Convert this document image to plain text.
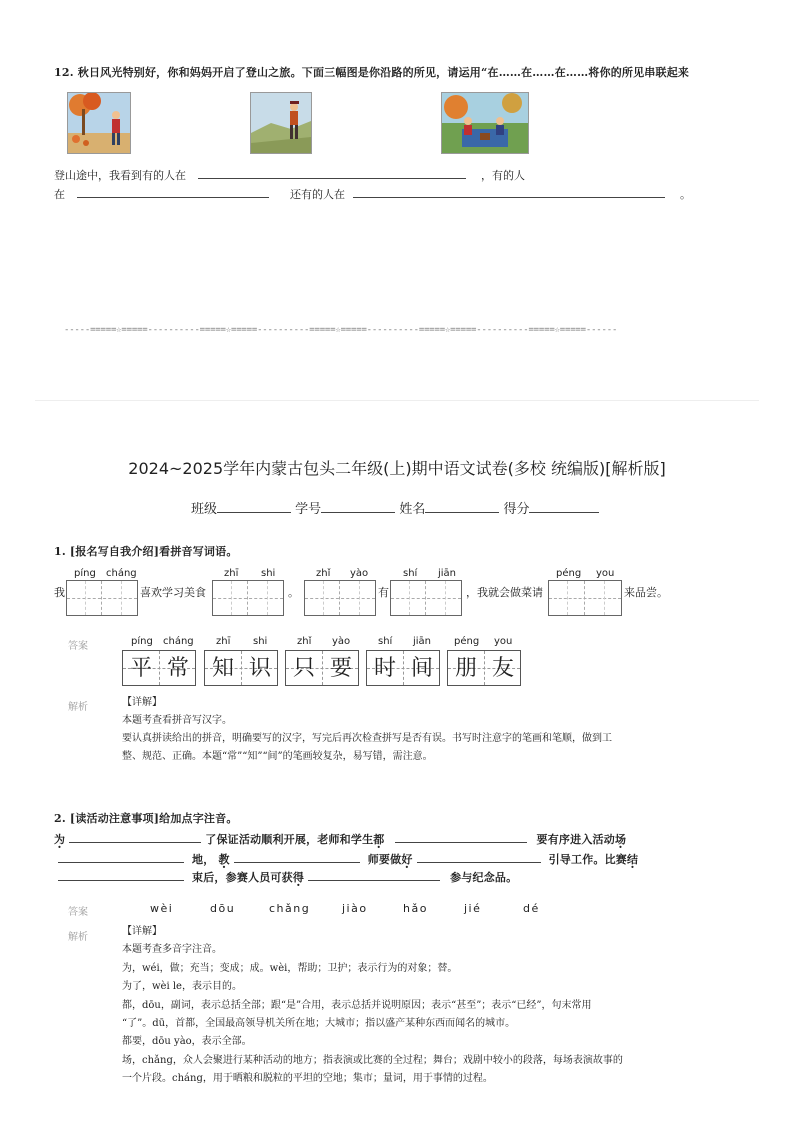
12. 秋日风光特别好，你和妈妈开启了登山之旅。下面三幅图是你沿路的所见，请运用“在……在……在……将你的所见串联起来
登山途中，我看到有的人在	，有的人
在	还有的人在	。
-----=====☆=====----------=====☆=====----------=====☆=====----------=====☆=====----------=====☆=====------
2024~2025学年内蒙古包头二年级(上)期中语文试卷(多校 统编版)[解析版]
班级	学号	姓名	得分
1. [报名写自我介绍]看拼音写词语。
píng cháng	zhī shi	zhǐ yào	shí jiān	péng you
我	喜欢学习美食	。	有	，我就会做菜请	来品尝。
答案	píng cháng zhī shi	zhǐ yào	shí jiān péng you
平 常	知 识 只 要 时 间 朋 友
解析	【详解】
本题考查看拼音写汉字。
要认真拼读给出的拼音，明确要写的汉字，写完后再次检查拼写是否有误。书写时注意字的笔画和笔顺，做到工
整、规范、正确。本题“常”“知”“间”的笔画较复杂，易写错，需注意。
2. [读活动注意事项]给加点字注音。
为	了保证活动顺利开展，老师和学生都	要有序进入活动场
地， 教	师要做好	引导工作。比赛结
束后，参赛人员可获得	参与纪念品。
答案	wèi	dōu	chǎng	jiào	hǎo	jié	dé
解析
【详解】
本题考查多音字注音。
为，wéi，做；充当；变成；成。wèi，帮助；卫护；表示行为的对象；替。
为了，wèi le，表示目的。
都，dōu，副词，表示总括全部；跟“是”合用，表示总括并说明原因；表示“甚至”；表示“已经”，句末常用
“了”。dū，首都，全国最高领导机关所在地；大城市；指以盛产某种东西而闻名的城市。
都要，dōu yào，表示全部。
场，chǎng，众人会聚进行某种活动的地方；指表演或比赛的全过程；舞台；戏剧中较小的段落，每场表演故事的
一个片段。cháng，用于晒粮和脱粒的平坦的空地；集市；量词，用于事情的过程。
